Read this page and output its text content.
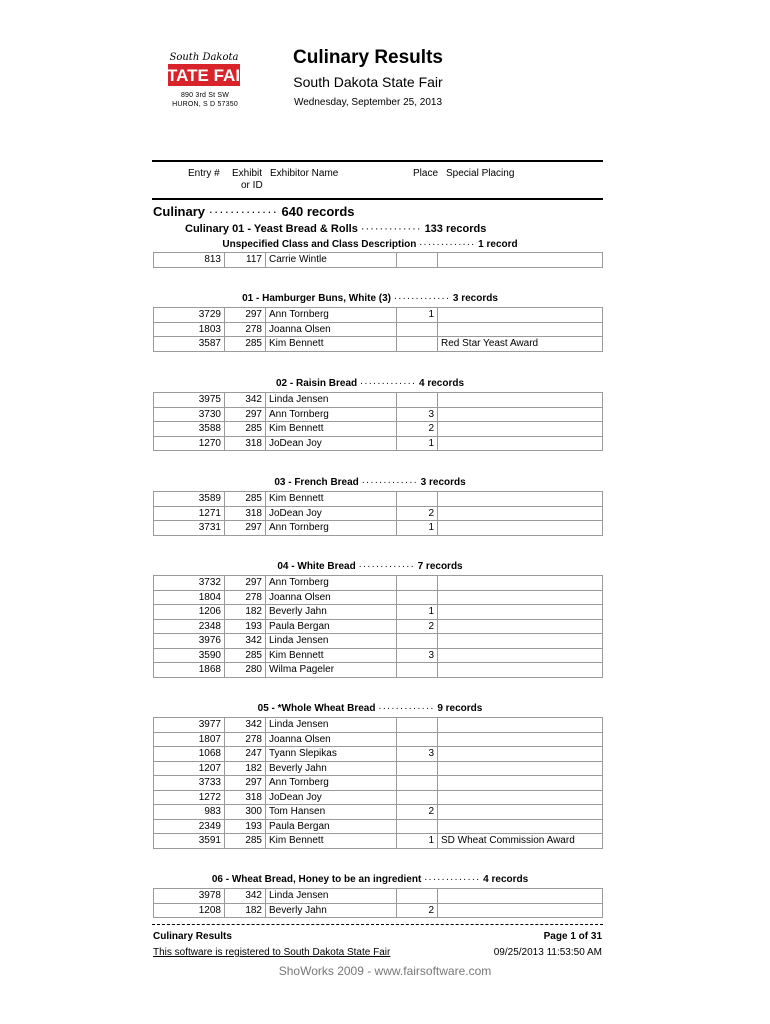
South Dakota
STATE FAIR
890 3rd St SW
HURON, S D 57350
Culinary Results
South Dakota State Fair
Wednesday, September 25, 2013
Entry # Exhibit
or ID
Exhibitor Name	Place Special Placing
Culinary ············· 640 records
Culinary 01 - Yeast Bread & Rolls ············· 133 records
Unspecified Class and Class Description ············· 1 record
813	117	Carrie Wintle		
01 - Hamburger Buns, White (3) ············· 3 records
3729	297	Ann Tornberg	1	
1803	278	Joanna Olsen		
3587	285	Kim Bennett		Red Star Yeast Award
02 - Raisin Bread ············· 4 records
3975	342	Linda Jensen		
3730	297	Ann Tornberg	3	
3588	285	Kim Bennett	2	
1270	318	JoDean Joy	1	
03 - French Bread ············· 3 records
3589	285	Kim Bennett		
1271	318	JoDean Joy	2	
3731	297	Ann Tornberg	1	
04 - White Bread ············· 7 records
3732	297	Ann Tornberg		
1804	278	Joanna Olsen		
1206	182	Beverly Jahn	1	
2348	193	Paula Bergan	2	
3976	342	Linda Jensen		
3590	285	Kim Bennett	3	
1868	280	Wilma Pageler		
05 - *Whole Wheat Bread ············· 9 records
3977	342	Linda Jensen		
1807	278	Joanna Olsen		
1068	247	Tyann Slepikas	3	
1207	182	Beverly Jahn		
3733	297	Ann Tornberg		
1272	318	JoDean Joy		
983	300	Tom Hansen	2	
2349	193	Paula Bergan		
3591	285	Kim Bennett	1	SD Wheat Commission Award
06 - Wheat Bread, Honey to be an ingredient ············· 4 records
3978	342	Linda Jensen		
1208	182	Beverly Jahn	2	
Culinary Results
This software is registered to South Dakota State Fair
Page 1 of 31
09/25/2013 11:53:50 AM
ShoWorks 2009 - www.fairsoftware.com
